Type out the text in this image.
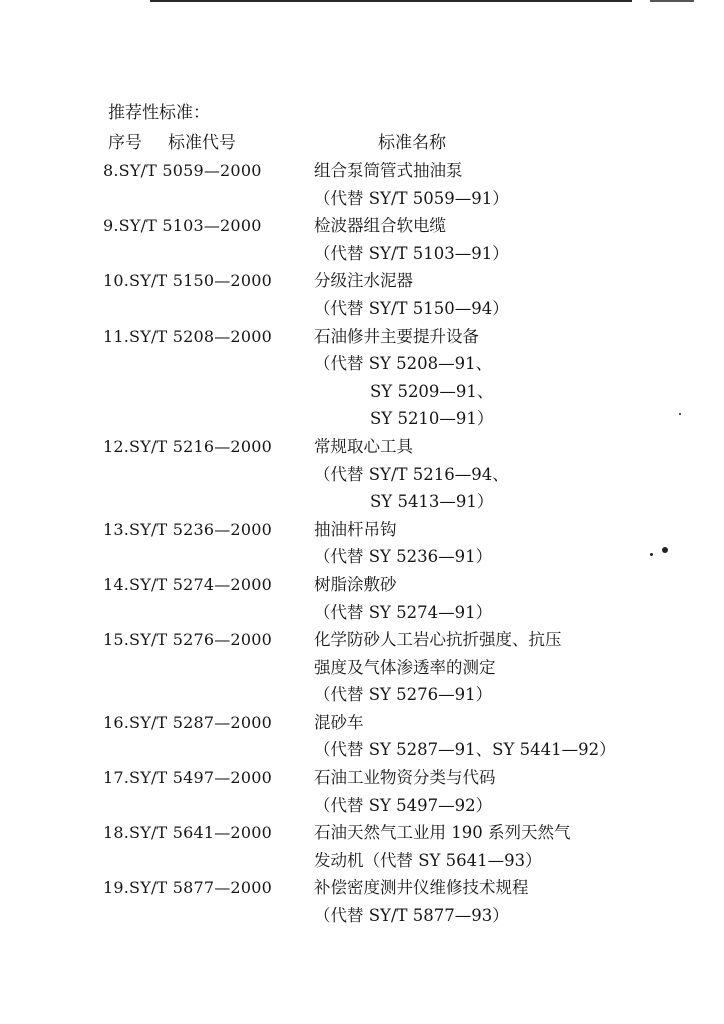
推荐性标准：
序号 标准代号	标准名称
8.SY/T 5059—2000	组合泵筒管式抽油泵
（代替 SY/T 5059—91）
9.SY/T 5103—2000	检波器组合软电缆
（代替 SY/T 5103—91）
10.SY/T 5150—2000	分级注水泥器
（代替 SY/T 5150—94）
11.SY/T 5208—2000	石油修井主要提升设备
（代替 SY 5208—91、
SY 5209—91、
SY 5210—91）
12.SY/T 5216—2000	常规取心工具
（代替 SY/T 5216—94、
SY 5413—91）
13.SY/T 5236—2000	抽油杆吊钩
（代替 SY 5236—91）
14.SY/T 5274—2000	树脂涂敷砂
（代替 SY 5274—91）
15.SY/T 5276—2000	化学防砂人工岩心抗折强度、抗压
强度及气体渗透率的测定
（代替 SY 5276—91）
16.SY/T 5287—2000	混砂车
（代替 SY 5287—91、SY 5441—92）
17.SY/T 5497—2000	石油工业物资分类与代码
（代替 SY 5497—92）
18.SY/T 5641—2000	石油天然气工业用 190 系列天然气
发动机（代替 SY 5641—93）
19.SY/T 5877—2000	补偿密度测井仪维修技术规程
（代替 SY/T 5877—93）
